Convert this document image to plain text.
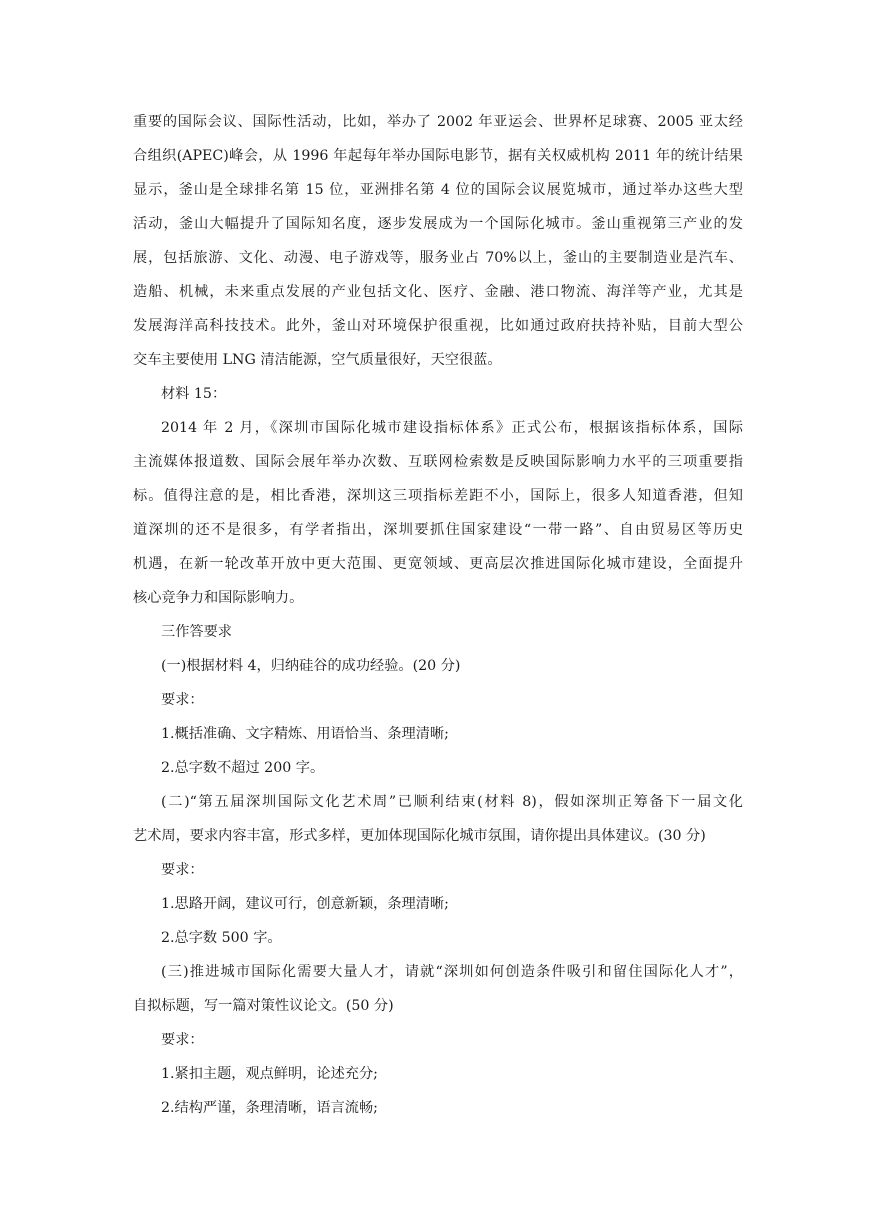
重要的国际会议、国际性活动，比如，举办了 2002 年亚运会、世界杯足球赛、2005 亚太经
合组织(APEC)峰会，从 1996 年起每年举办国际电影节，据有关权威机构 2011 年的统计结果
显示，釜山是全球排名第 15 位，亚洲排名第 4 位的国际会议展览城市，通过举办这些大型
活动，釜山大幅提升了国际知名度，逐步发展成为一个国际化城市。釜山重视第三产业的发
展，包括旅游、文化、动漫、电子游戏等，服务业占 70%以上，釜山的主要制造业是汽车、
造船、机械，未来重点发展的产业包括文化、医疗、金融、港口物流、海洋等产业，尤其是
发展海洋高科技技术。此外，釜山对环境保护很重视，比如通过政府扶持补贴，目前大型公
交车主要使用 LNG 清洁能源，空气质量很好，天空很蓝。
材料 15：
2014 年 2 月，《深圳市国际化城市建设指标体系》正式公布，根据该指标体系，国际
主流媒体报道数、国际会展年举办次数、互联网检索数是反映国际影响力水平的三项重要指
标。值得注意的是，相比香港，深圳这三项指标差距不小，国际上，很多人知道香港，但知
道深圳的还不是很多，有学者指出，深圳要抓住国家建设“一带一路”、自由贸易区等历史
机遇，在新一轮改革开放中更大范围、更宽领域、更高层次推进国际化城市建设，全面提升
核心竞争力和国际影响力。
三作答要求
(一)根据材料 4，归纳硅谷的成功经验。(20 分)
要求：
1.概括准确、文字精炼、用语恰当、条理清晰;
2.总字数不超过 200 字。
(二)“第五届深圳国际文化艺术周”已顺利结束(材料 8)，假如深圳正筹备下一届文化
艺术周，要求内容丰富，形式多样，更加体现国际化城市氛围，请你提出具体建议。(30 分)
要求：
1.思路开阔，建议可行，创意新颖，条理清晰;
2.总字数 500 字。
(三)推进城市国际化需要大量人才，请就“深圳如何创造条件吸引和留住国际化人才”，
自拟标题，写一篇对策性议论文。(50 分)
要求：
1.紧扣主题，观点鲜明，论述充分;
2.结构严谨，条理清晰，语言流畅;
